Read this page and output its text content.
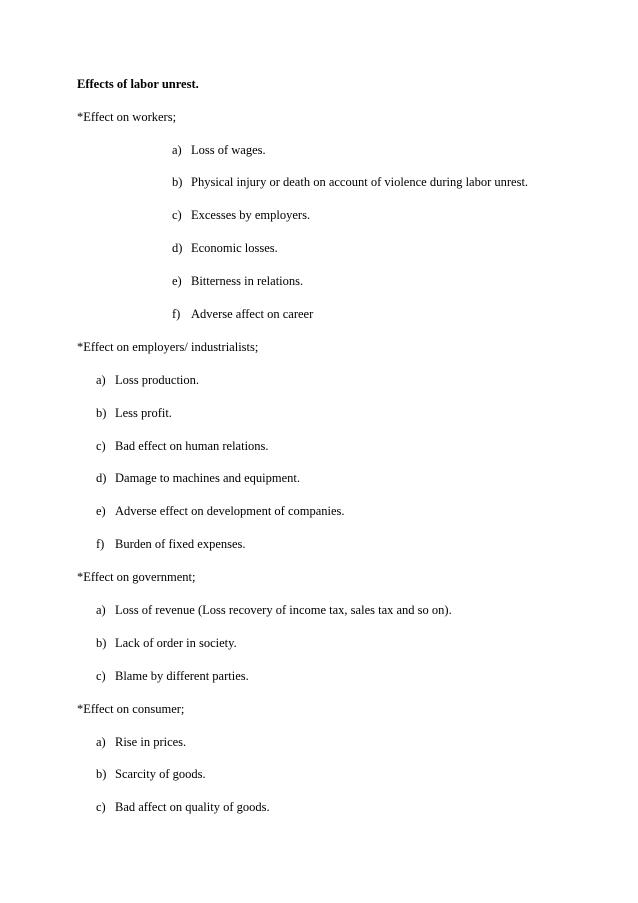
Effects of labor unrest.
*Effect on workers;
a) Loss of wages.
b) Physical injury or death on account of violence during labor unrest.
c) Excesses by employers.
d) Economic losses.
e) Bitterness in relations.
f) Adverse affect on career
*Effect on employers/ industrialists;
a) Loss production.
b) Less profit.
c) Bad effect on human relations.
d) Damage to machines and equipment.
e) Adverse effect on development of companies.
f) Burden of fixed expenses.
*Effect on government;
a) Loss of revenue (Loss recovery of income tax, sales tax and so on).
b) Lack of order in society.
c) Blame by different parties.
*Effect on consumer;
a) Rise in prices.
b) Scarcity of goods.
c) Bad affect on quality of goods.
